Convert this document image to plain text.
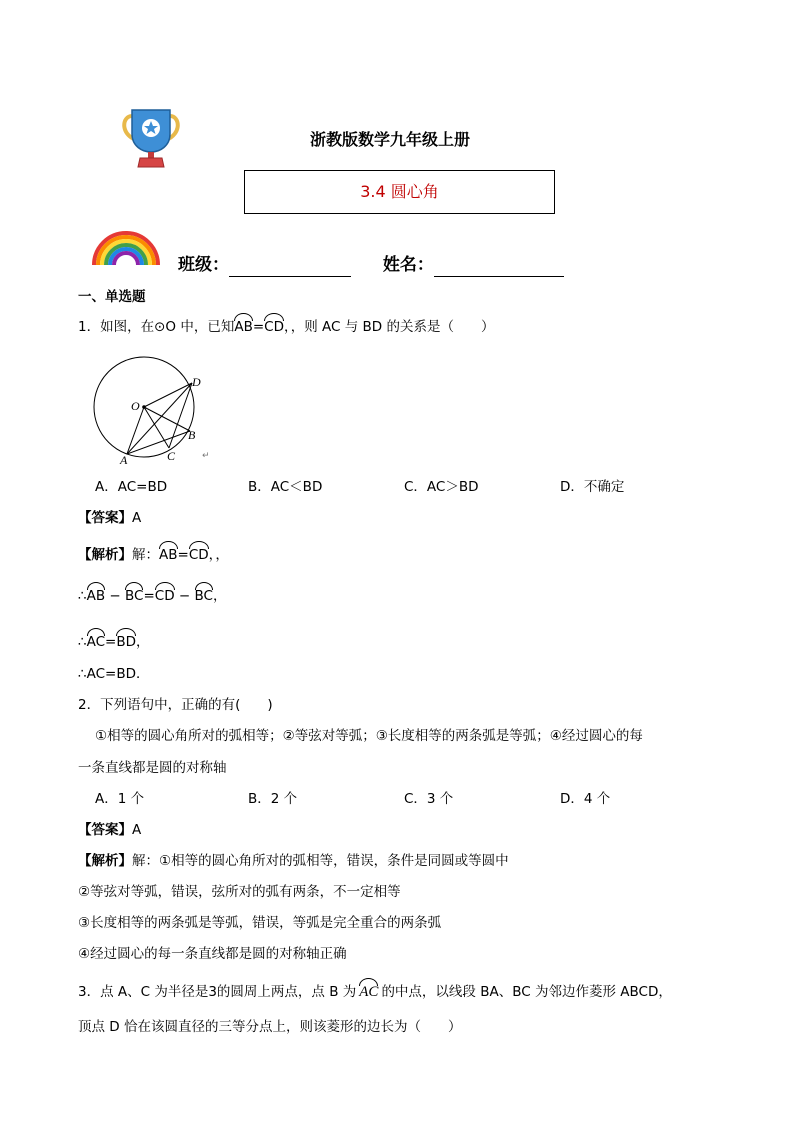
浙教版数学九年级上册
3.4 圆心角
班级：	姓名：
一、单选题
1．如图，在⊙O 中，已知AB=CD，，则 AC 与 BD 的关系是（　　）
O
D
B
C
A	↵
A．AC=BD	B．AC＜BD	C．AC＞BD	D．不确定
【答案】A
【解析】解：AB=CD，，
∴AB − BC=CD − BC，
∴AC=BD，
∴AC=BD．
2．下列语句中，正确的有(　　)
①相等的圆心角所对的弧相等；②等弦对等弧；③长度相等的两条弧是等弧；④经过圆心的每
一条直线都是圆的对称轴
A．1 个	B．2 个	C．3 个	D．4 个
【答案】A
【解析】解：①相等的圆心角所对的弧相等，错误，条件是同圆或等圆中
②等弦对等弧，错误，弦所对的弧有两条，不一定相等
③长度相等的两条弧是等弧，错误，等弧是完全重合的两条弧
④经过圆心的每一条直线都是圆的对称轴正确
3．点 A、C 为半径是3的圆周上两点，点 B 为 AC 的中点，以线段 BA、BC 为邻边作菱形 ABCD，
顶点 D 恰在该圆直径的三等分点上，则该菱形的边长为（　　）
